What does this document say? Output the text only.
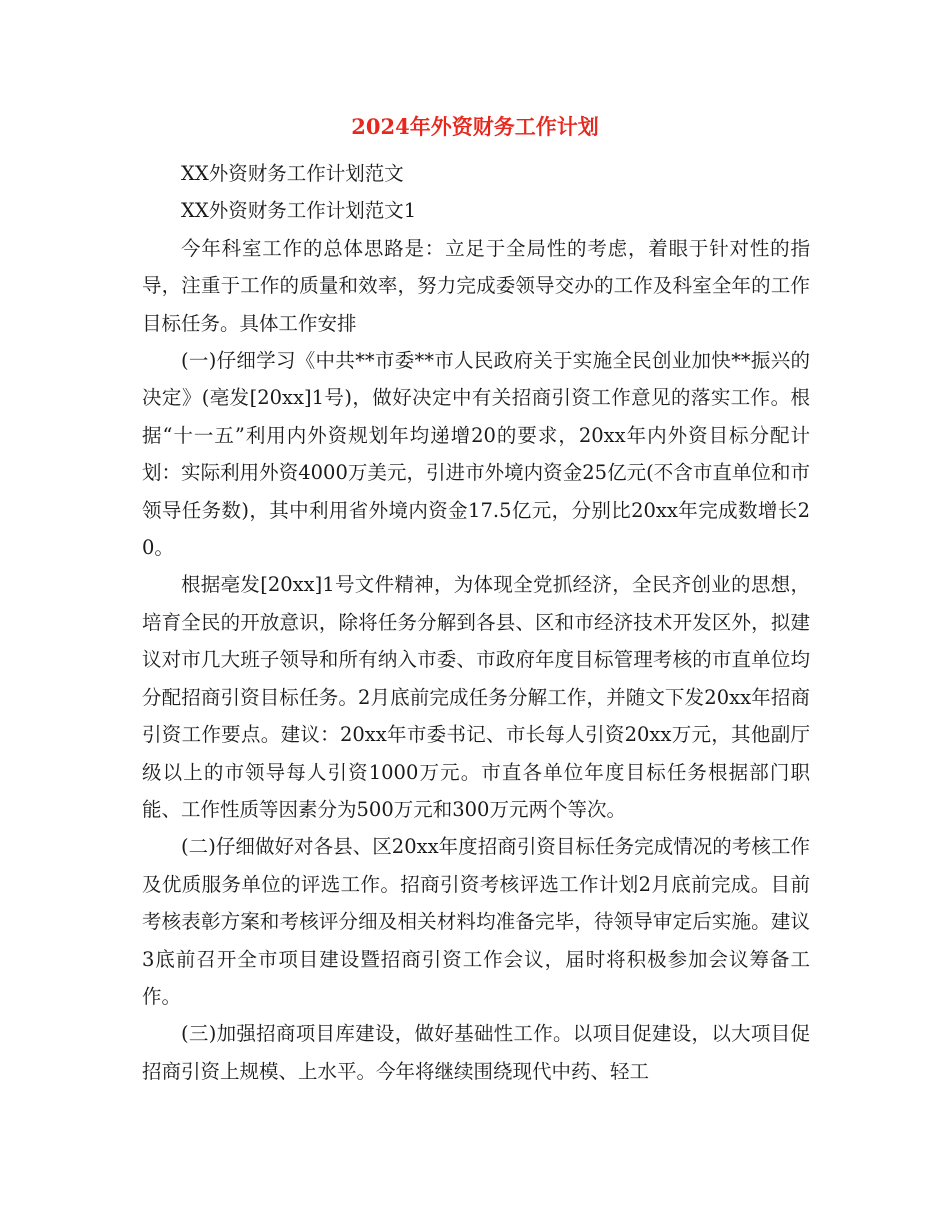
2024年外资财务工作计划

XX外资财务工作计划范文

XX外资财务工作计划范文1

今年科室工作的总体思路是：立足于全局性的考虑，着眼于针对性的指导，注重于工作的质量和效率，努力完成委领导交办的工作及科室全年的工作目标任务。具体工作安排

(一)仔细学习《中共**市委**市人民政府关于实施全民创业加快**振兴的决定》(亳发[20xx]1号)，做好决定中有关招商引资工作意见的落实工作。根据“十一五”利用内外资规划年均递增20的要求，20xx年内外资目标分配计划：实际利用外资4000万美元，引进市外境内资金25亿元(不含市直单位和市领导任务数)，其中利用省外境内资金17.5亿元，分别比20xx年完成数增长20。

根据亳发[20xx]1号文件精神，为体现全党抓经济，全民齐创业的思想，培育全民的开放意识，除将任务分解到各县、区和市经济技术开发区外，拟建议对市几大班子领导和所有纳入市委、市政府年度目标管理考核的市直单位均分配招商引资目标任务。2月底前完成任务分解工作，并随文下发20xx年招商引资工作要点。建议：20xx年市委书记、市长每人引资20xx万元，其他副厅级以上的市领导每人引资1000万元。市直各单位年度目标任务根据部门职能、工作性质等因素分为500万元和300万元两个等次。

(二)仔细做好对各县、区20xx年度招商引资目标任务完成情况的考核工作及优质服务单位的评选工作。招商引资考核评选工作计划2月底前完成。目前考核表彰方案和考核评分细及相关材料均准备完毕，待领导审定后实施。建议3底前召开全市项目建设暨招商引资工作会议，届时将积极参加会议筹备工作。

(三)加强招商项目库建设，做好基础性工作。以项目促建设，以大项目促招商引资上规模、上水平。今年将继续围绕现代中药、轻工
